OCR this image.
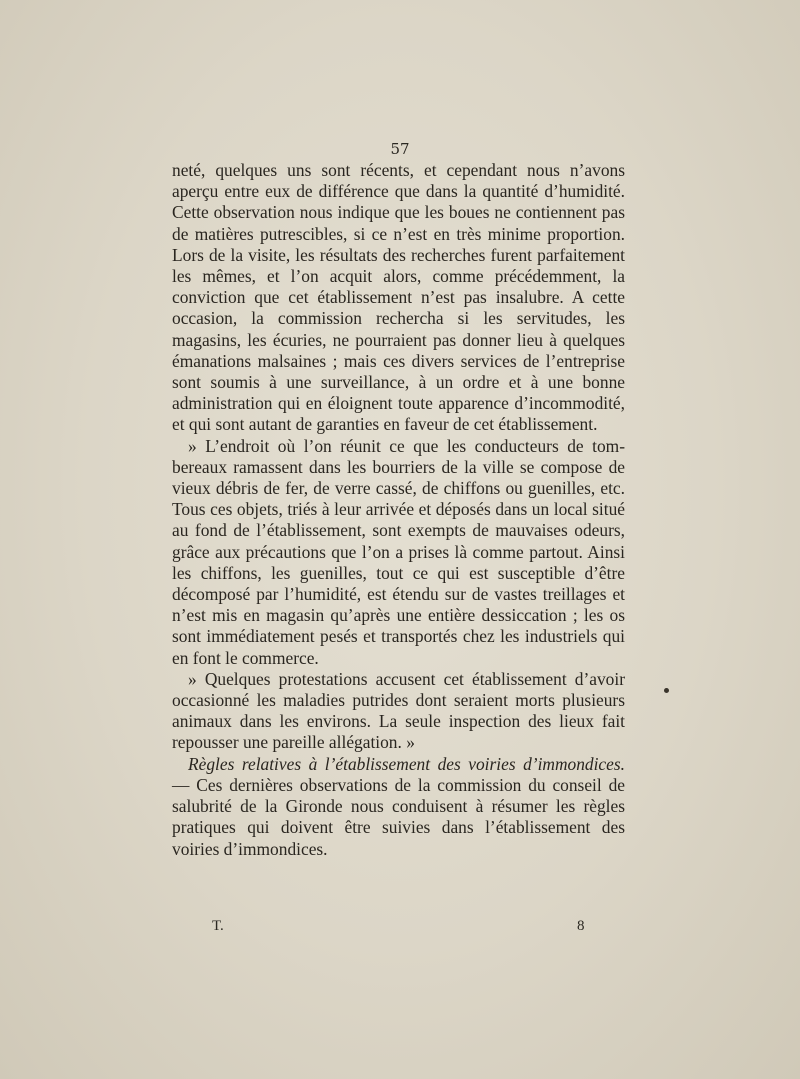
57

neté, quelques uns sont récents, et cependant nous n’avons aperçu entre eux de différence que dans la quantité d’humidité. Cette observation nous indique que les boues ne contiennent pas de matières putrescibles, si ce n’est en très minime proportion. Lors de la visite, les résultats des recherches furent parfaitement les mêmes, et l’on acquit alors, comme précédemment, la conviction que cet établissement n’est pas insalubre. A cette occasion, la commission rechercha si les servitudes, les magasins, les écuries, ne pourraient pas donner lieu à quelques émanations malsaines ; mais ces divers services de l’entreprise sont soumis à une surveillance, à un ordre et à une bonne administration qui en éloignent toute apparence d’incommodité, et qui sont autant de garanties en faveur de cet établissement.

» L’endroit où l’on réunit ce que les conducteurs de tombereaux ramassent dans les bourriers de la ville se compose de vieux débris de fer, de verre cassé, de chiffons ou guenilles, etc. Tous ces objets, triés à leur arrivée et déposés dans un local situé au fond de l’établissement, sont exempts de mauvaises odeurs, grâce aux précautions que l’on a prises là comme partout. Ainsi les chiffons, les guenilles, tout ce qui est susceptible d’être décomposé par l’humidité, est étendu sur de vastes treillages et n’est mis en magasin qu’après une entière dessiccation ; les os sont immédiatement pesés et transportés chez les industriels qui en font le commerce.

» Quelques protestations accusent cet établissement d’avoir occasionné les maladies putrides dont seraient morts plusieurs animaux dans les environs. La seule inspection des lieux fait repousser une pareille allégation. »

Règles relatives à l’établissement des voiries d’immondices. — Ces dernières observations de la commission du conseil de salubrité de la Gironde nous conduisent à résumer les règles pratiques qui doivent être suivies dans l’établissement des voiries d’immondices.

T.	8
